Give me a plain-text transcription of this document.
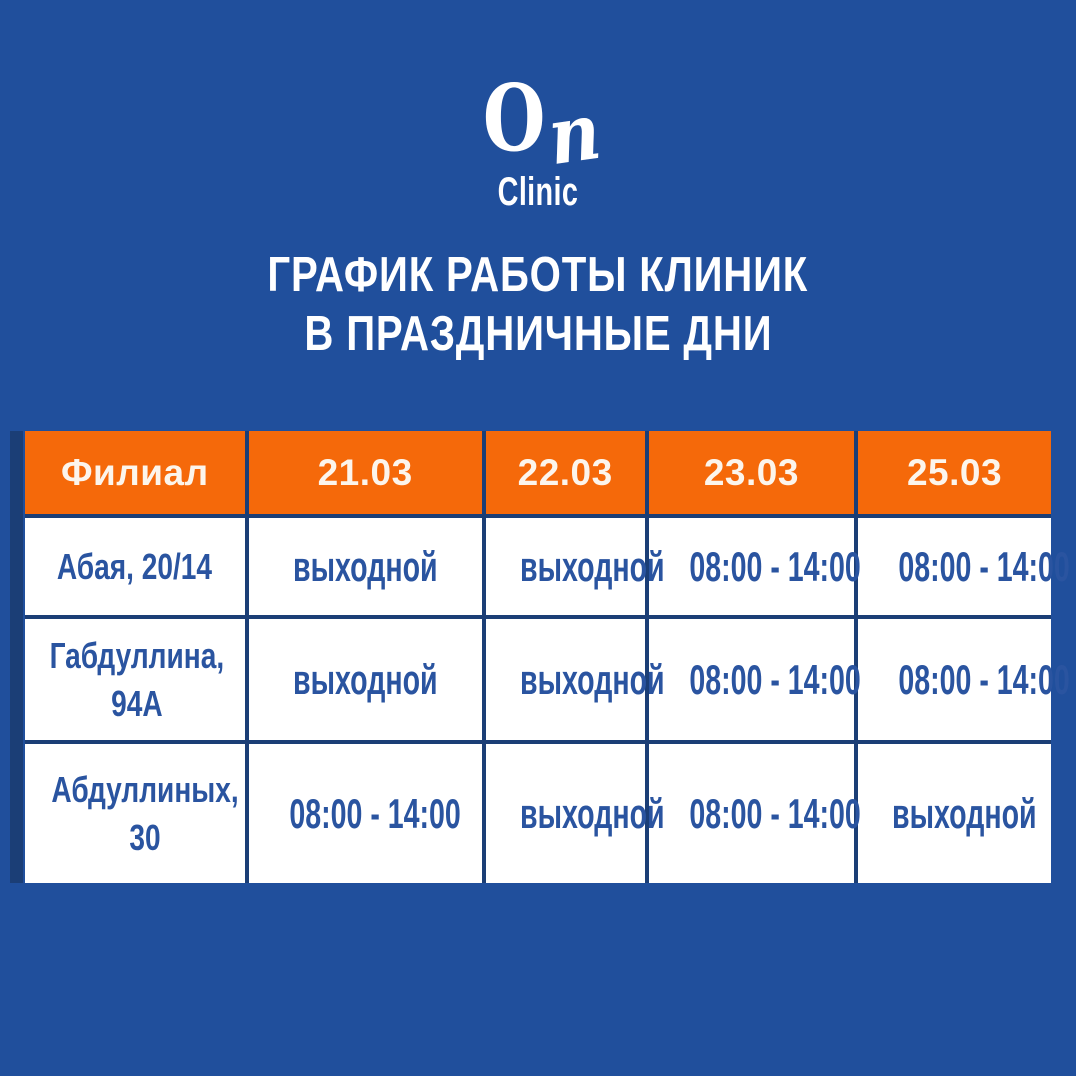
On
Clinic
ГРАФИК РАБОТЫ КЛИНИК
В ПРАЗДНИЧНЫЕ ДНИ
Филиал	21.03	22.03	23.03	25.03
Абая, 20/14	выходной	выходной	08:00 - 14:00	08:00 - 14:00
Габдуллина, 94А	выходной	выходной	08:00 - 14:00	08:00 - 14:00
Абдуллиных, 30	08:00 - 14:00	выходной	08:00 - 14:00	выходной
